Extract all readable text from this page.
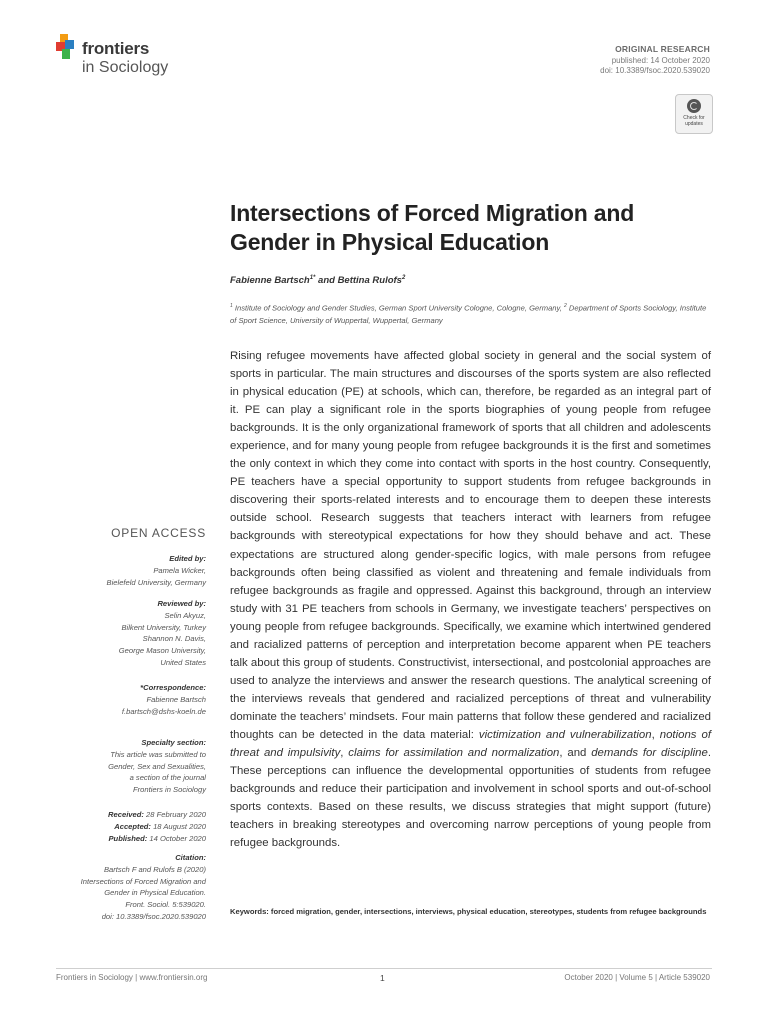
frontiers
in Sociology
ORIGINAL RESEARCH
published: 14 October 2020
doi: 10.3389/fsoc.2020.539020
Check for updates
Intersections of Forced Migration and Gender in Physical Education
Fabienne Bartsch$^{1*}$ and Bettina Rulofs$^2$
$^1$ Institute of Sociology and Gender Studies, German Sport University Cologne, Cologne, Germany, $^2$ Department of Sports Sociology, Institute of Sport Science, University of Wuppertal, Wuppertal, Germany
Rising refugee movements have affected global society in general and the social system of sports in particular. The main structures and discourses of the sports system are also reflected in physical education (PE) at schools, which can, therefore, be regarded as an integral part of it. PE can play a significant role in the sports biographies of young people from refugee backgrounds. It is the only organizational framework of sports that all children and adolescents experience, and for many young people from refugee backgrounds it is the first and sometimes the only context in which they come into contact with sports in the host country. Consequently, PE teachers have a special opportunity to support students from refugee backgrounds in discovering their sports-related interests and to encourage them to deepen these interests outside school. Research suggests that teachers interact with learners from refugee backgrounds with stereotypical expectations for how they should behave and act. These expectations are structured along gender-specific logics, with male persons from refugee backgrounds often being classified as violent and threatening and female individuals from refugee backgrounds as fragile and oppressed. Against this background, through an interview study with 31 PE teachers from schools in Germany, we investigate teachers’ perspectives on young people from refugee backgrounds. Specifically, we examine which intertwined gendered and racialized patterns of perception and interpretation become apparent when PE teachers talk about this group of students. Constructivist, intersectional, and postcolonial approaches are used to analyze the interviews and answer the research questions. The analytical screening of the interviews reveals that gendered and racialized perceptions of threat and vulnerability dominate the teachers’ mindsets. Four main patterns that follow these gendered and racialized thoughts can be detected in the data material: victimization and vulnerabilization, notions of threat and impulsivity, claims for assimilation and normalization, and demands for discipline. These perceptions can influence the developmental opportunities of students from refugee backgrounds and reduce their participation and involvement in school sports and out-of-school sports contexts. Based on these results, we discuss strategies that might support (future) teachers in breaking stereotypes and overcoming narrow perceptions of young people from refugee backgrounds.
Keywords: forced migration, gender, intersections, interviews, physical education, stereotypes, students from refugee backgrounds
OPEN ACCESS
Edited by:
Pamela Wicker,
Bielefeld University, Germany
Reviewed by:
Selin Akyuz,
Bilkent University, Turkey
Shannon N. Davis,
George Mason University,
United States
*Correspondence:
Fabienne Bartsch
f.bartsch@dshs-koeln.de
Specialty section:
This article was submitted to
Gender, Sex and Sexualities,
a section of the journal
Frontiers in Sociology
Received: 28 February 2020
Accepted: 18 August 2020
Published: 14 October 2020
Citation:
Bartsch F and Rulofs B (2020)
Intersections of Forced Migration and
Gender in Physical Education.
Front. Sociol. 5:539020.
doi: 10.3389/fsoc.2020.539020
Frontiers in Sociology | www.frontiersin.org	1	October 2020 | Volume 5 | Article 539020
